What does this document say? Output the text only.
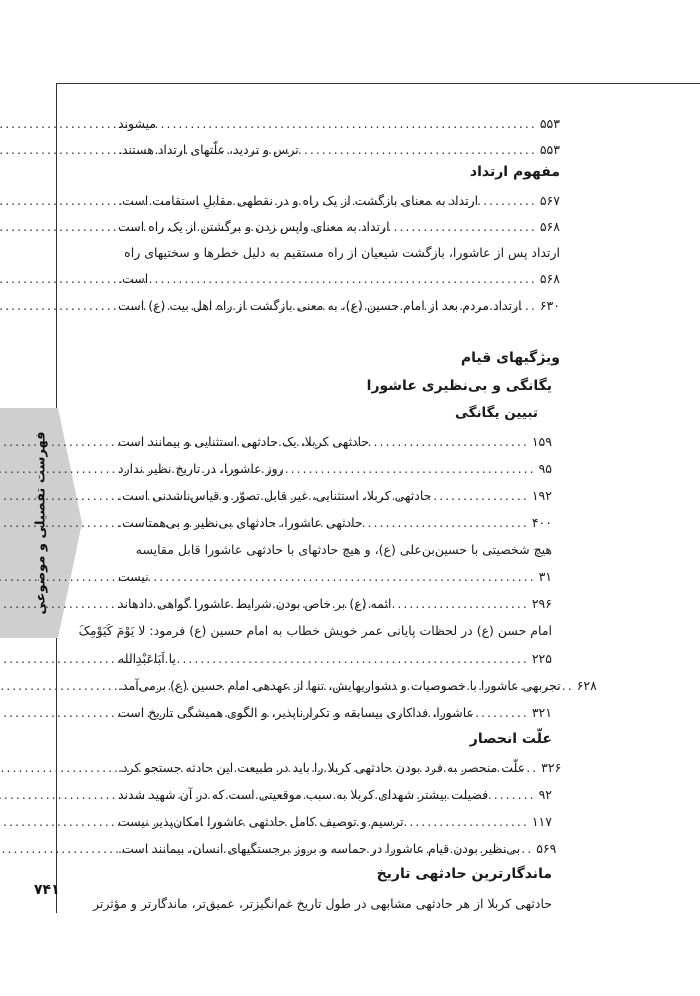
فهرست تفصیلی و موضوعی
۷۴۱
میشوند .....	۵۵۳
ترس و تردید، علّتهای ارتداد هستند. .....	۵۵۳
مفهوم ارتداد
ارتداد به معنای بازگشت از یک راه و در نقطهی مقابلِ استقامت است. .....	۵۶۷
ارتداد به معنای واپس زدن و برگشتن از یک راه است .....	۵۶۸
ارتداد پس از عاشورا، بازگشت شیعیان از راه مستقیم به دلیل خطرها و سختیهای راه
است. .....	۵۶۸
ارتداد مردم بعد از امام حسین (ع)، به معنی بازگشت از راه اهل بیت (ع) است ..... ۶۳۰
ویژگیهای قیام
یگانگی و بی‌نظیری عاشورا
تبیین یگانگی
حادثهی کربلا، یک حادثهی استثنایی و بیمانند است .....	۱۵۹
روز عاشورا، در تاریخ نظیر ندارد .....	۹۵
حادثهی کربلا، استثنایی، غیر قابل تصوّر و قیاس‌ناشدنی است. .....	۱۹۲
حادثهی عاشورا، حادثهای بی‌نظیر و بی‌همتاست. .....	۴۰۰
هیچ شخصیتی با حسین‌بن‌علی (ع)، و هیچ حادثهای با حادثهی عاشورا قابل مقایسه
نیست .....	۳۱
ائمه (ع) بر خاص بودن شرایط عاشورا گواهی دادهاند .....	۲۹۶
امام حسن (ع) در لحظات پایانی عمر خویش خطاب به امام حسین (ع) فرمود: لا یَوْمَ کَیَوْمِکَ
یا اَبَاعَبْدِالله .....	۲۲۵
تجربهی عاشورا با خصوصیات و دشواریهایش، تنها از عهدهی امام حسین (ع) برمی‌آمد. ..... ۶۲۸
عاشورا، فداکاری بیسابقه و تکرارناپذیر، و الگوی همیشگی تاریخ است .....	۳۲۱
علّت انحصار
علّت منحصر به فرد بودن حادثهی کربلا را باید در طبیعت این حادثه جستجو کرد. ..... ۳۲۶
فضیلت بیشتر شهدای کربلا به سبب موقعیتی است که در آن شهید شدند .....	۹۲
ترسیم و توصیف کامل حادثهی عاشورا امکان‌پذیر نیست .....	۱۱۷
بی‌نظیر بودن قیام عاشورا در حماسه و بروز برجستگیهای انسان، بیمانند است. ..... ۵۶۹
ماندگارترین حادثهی تاریخ
حادثهی کربلا از هر حادثهی مشابهی در طول تاریخ غم‌انگیزتر، عمیق‌تر، ماندگارتر و مؤثرتر
